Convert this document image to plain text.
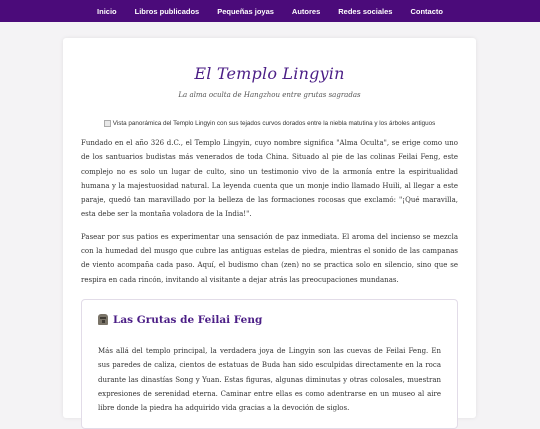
Inicio Libros publicados Pequeñas joyas Autores Redes sociales Contacto
El Templo Lingyin

La alma oculta de Hangzhou entre grutas sagradas

Vista panorámica del Templo Lingyin con sus tejados curvos dorados entre la niebla matutina y los árboles antiguos

Fundado en el año 326 d.C., el Templo Lingyin, cuyo nombre significa "Alma Oculta", se erige como uno de los santuarios budistas más venerados de toda China. Situado al pie de las colinas Feilai Feng, este complejo no es solo un lugar de culto, sino un testimonio vivo de la armonía entre la espiritualidad humana y la majestuosidad natural. La leyenda cuenta que un monje indio llamado Huili, al llegar a este paraje, quedó tan maravillado por la belleza de las formaciones rocosas que exclamó: "¡Qué maravilla, esta debe ser la montaña voladora de la India!".

Pasear por sus patios es experimentar una sensación de paz inmediata. El aroma del incienso se mezcla con la humedad del musgo que cubre las antiguas estelas de piedra, mientras el sonido de las campanas de viento acompaña cada paso. Aquí, el budismo chan (zen) no se practica solo en silencio, sino que se respira en cada rincón, invitando al visitante a dejar atrás las preocupaciones mundanas.

Las Grutas de Feilai Feng

Más allá del templo principal, la verdadera joya de Lingyin son las cuevas de Feilai Feng. En sus paredes de caliza, cientos de estatuas de Buda han sido esculpidas directamente en la roca durante las dinastías Song y Yuan. Estas figuras, algunas diminutas y otras colosales, muestran expresiones de serenidad eterna. Caminar entre ellas es como adentrarse en un museo al aire libre donde la piedra ha adquirido vida gracias a la devoción de siglos.
